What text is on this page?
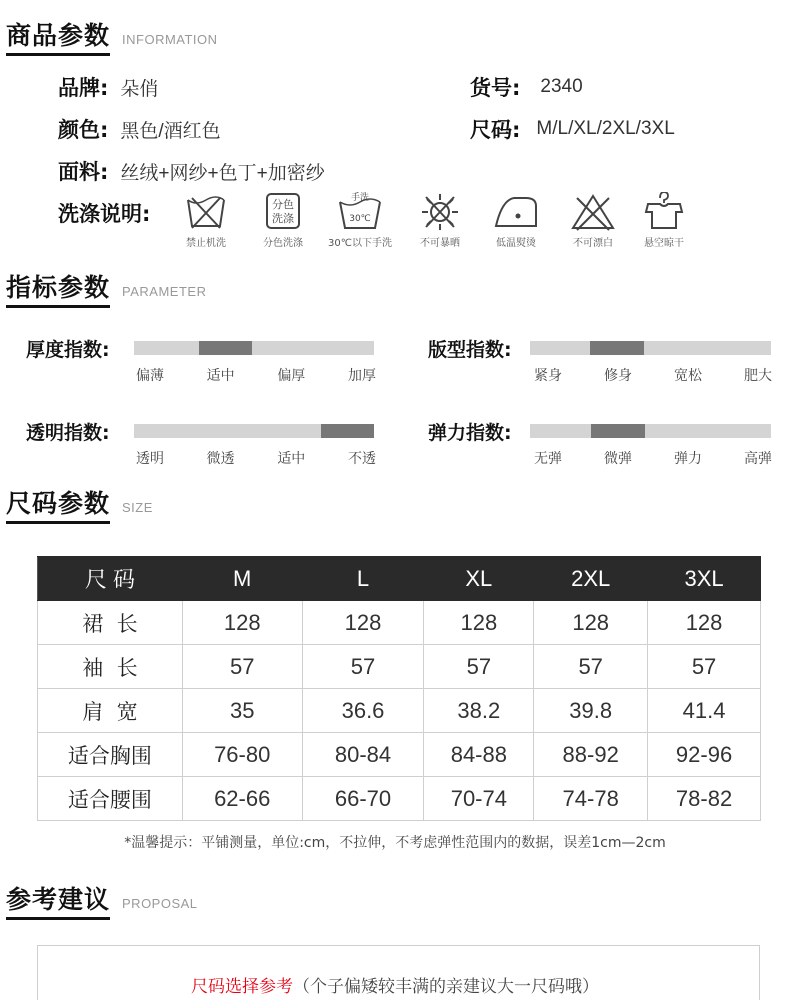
商品参数 INFORMATION
品牌: 朵俏	货号: 2340
颜色: 黑色/酒红色	尺码: M/L/XL/2XL/3XL
面料: 丝绒+网纱+色丁+加密纱
洗涤说明:
禁止机洗
分色
洗涤
分色洗涤
手洗
30℃
30℃以下手洗	不可暴晒	低温熨烫	不可漂白	悬空晾干
指标参数 PARAMETER
厚度指数:
偏薄	适中	偏厚	加厚
版型指数:
紧身	修身	宽松	肥大
透明指数:
透明	微透	适中	不透
弹力指数:
无弹	微弹	弹力	高弹
尺码参数 SIZE
尺 码	M	L	XL	2XL	3XL
裙  长	128	128	128	128	128
袖  长	57	57	57	57	57
肩  宽	35	36.6	38.2	39.8	41.4
适合胸围	76-80	80-84	84-88	88-92	92-96
适合腰围	62-66	66-70	70-74	74-78	78-82
*温馨提示：平铺测量，单位:cm，不拉伸，不考虑弹性范围内的数据，误差1cm—2cm
参考建议 PROPOSAL
尺码选择参考（个子偏矮较丰满的亲建议大一尺码哦）
